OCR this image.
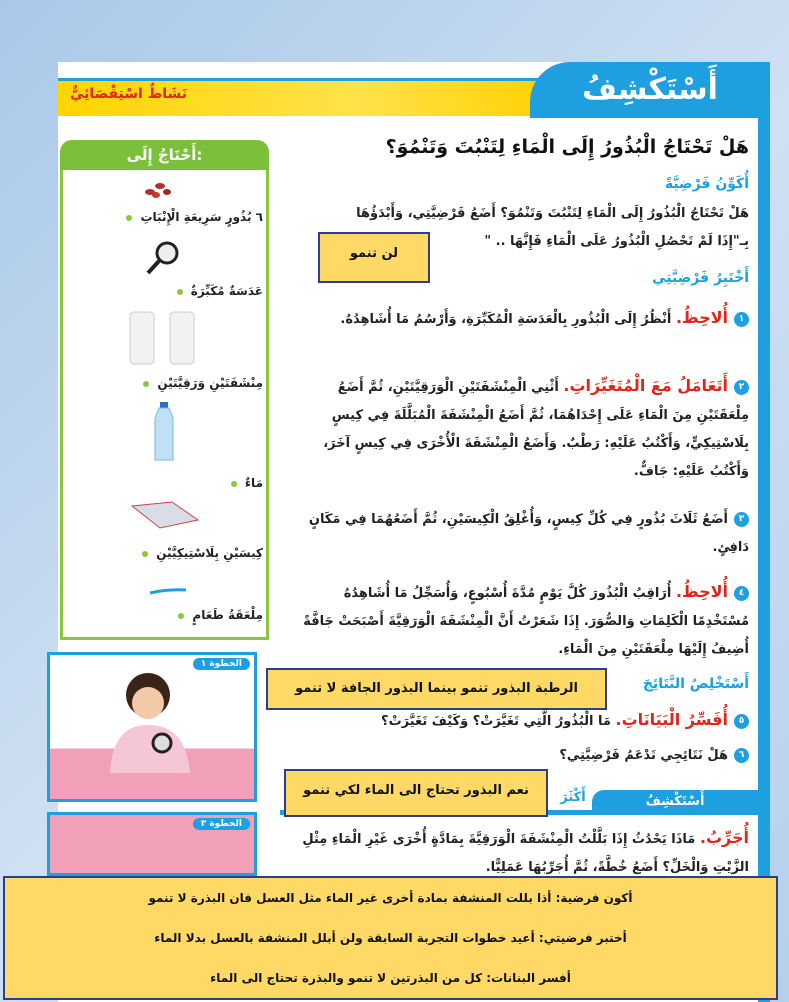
نَشَاطٌ اسْتِقْصَائِيٌّ	أَسْتَكْشِفُ
هَلْ تَحْتَاجُ الْبُذُورُ إِلَى الْمَاءِ لِتَنْبُتَ وَتَنْمُوَ؟
أُكَوِّنُ فَرْضِيَّةً
هَلْ تَحْتَاجُ الْبُذُورُ إِلَى الْمَاءِ لِتَنْبُتَ وَتَنْمُوَ؟ أَضَعُ فَرْضِيَّتِي، وَأَبْدَؤُهَا
بِـ"إِذَا لَمْ تَحْصُلِ الْبُذُورُ عَلَى الْمَاءِ فَإِنَّهَا .. "
لن تنمو
أَخْتَبِرُ فَرْضِيَّتِي
١أُلاحِظُ. أَنْظُرُ إِلَى الْبُذُورِ بِالْعَدَسَةِ الْمُكَبِّرَةِ، وَأَرْسُمُ مَا أُشَاهِدُهُ.
٢أَتَعَامَلُ مَعَ الْمُتَغَيِّرَاتِ. أَثْنِي الْمِنْشَفَتَيْنِ الْوَرَقِيَّتَيْنِ، ثُمَّ أَضَعُ مِلْعَقَتَيْنِ مِنَ الْمَاءِ عَلَى إِحْدَاهُمَا، ثُمَّ أَضَعُ الْمِنْشَفَةَ الْمُبَلَّلَةَ فِي كِيسٍ بِلَاسْتِيكِيٍّ، وَأَكْتُبُ عَلَيْهِ: رَطْبٌ. وَأَضَعُ الْمِنْشَفَةَ الْأُخْرَى فِي كِيسٍ آخَرَ، وَأَكْتُبُ عَلَيْهِ: جَافٌّ.
٣أَضَعُ ثَلَاثَ بُذُورٍ فِي كُلِّ كِيسٍ، وَأُغْلِقُ الْكِيسَيْنِ، ثُمَّ أَضَعُهُمَا فِي مَكَانٍ دَافِئٍ.
٤أُلاحِظُ. أُرَاقِبُ الْبُذُورَ كُلَّ يَوْمٍ مُدَّةَ أُسْبُوعٍ، وَأُسَجِّلُ مَا أُشَاهِدُهُ مُسْتَخْدِمًا الْكَلِمَاتِ وَالصُّوَرَ. إِذَا شَعَرْتُ أَنَّ الْمِنْشَفَةَ الْوَرَقِيَّةَ أَصْبَحَتْ جَافَّةً أُضِيفُ إِلَيْهَا مِلْعَقَتَيْنِ مِنَ الْمَاءِ.
أَسْتَخْلِصُ النَّتَائِجَ
الرطبة البذور تنمو بينما البذور الجافة لا تنمو
٥أُفَسِّرُ الْبَيَانَاتِ. مَا الْبُذُورُ الَّتِي تَغَيَّرَتْ؟ وَكَيْفَ تَغَيَّرَتْ؟
٦هَلْ نَتَائِجِي تَدْعَمُ فَرْضِيَّتِي؟
أَكْثَرَ	أَسْتَكْشِفُ
نعم البذور تحتاج الى الماء لكي تنمو
أُجَرِّبُ. مَاذَا يَحْدُثُ إِذَا بَلَّلْتُ الْمِنْشَفَةَ الْوَرَقِيَّةَ بِمَادَّةٍ أُخْرَى غَيْرِ الْمَاءِ مِثْلِ الزَّيْتِ وَالْخَلِّ؟ أَضَعُ خُطَّةً، ثُمَّ أُجَرِّبُهَا عَمَلِيًّا.
أَحْتَاجُ إِلَى:
٦ بُذُورٍ سَرِيعَةِ الْإِنْبَاتِ
عَدَسَةٌ مُكَبِّرَةٌ
مِنْشَفَتَيْنِ وَرَقِيَّتَيْنِ
مَاءٌ
كِيسَيْنِ بِلَاسْتِيكِيَّيْنِ
مِلْعَقَةُ طَعَامٍ
الخطوة ١
الخطوة ٣
أكون فرضية: أذا بللت المنشفة بمادة أخرى غير الماء مثل العسل فان البذرة لا تنمو
أختبر فرضيتي: أعيد خطوات التجربة السابقة ولن أبلل المنشفة بالعسل بدلا الماء
أفسر البنانات: كل من البذرتين لا تنمو والبذرة تحتاج الى الماء
